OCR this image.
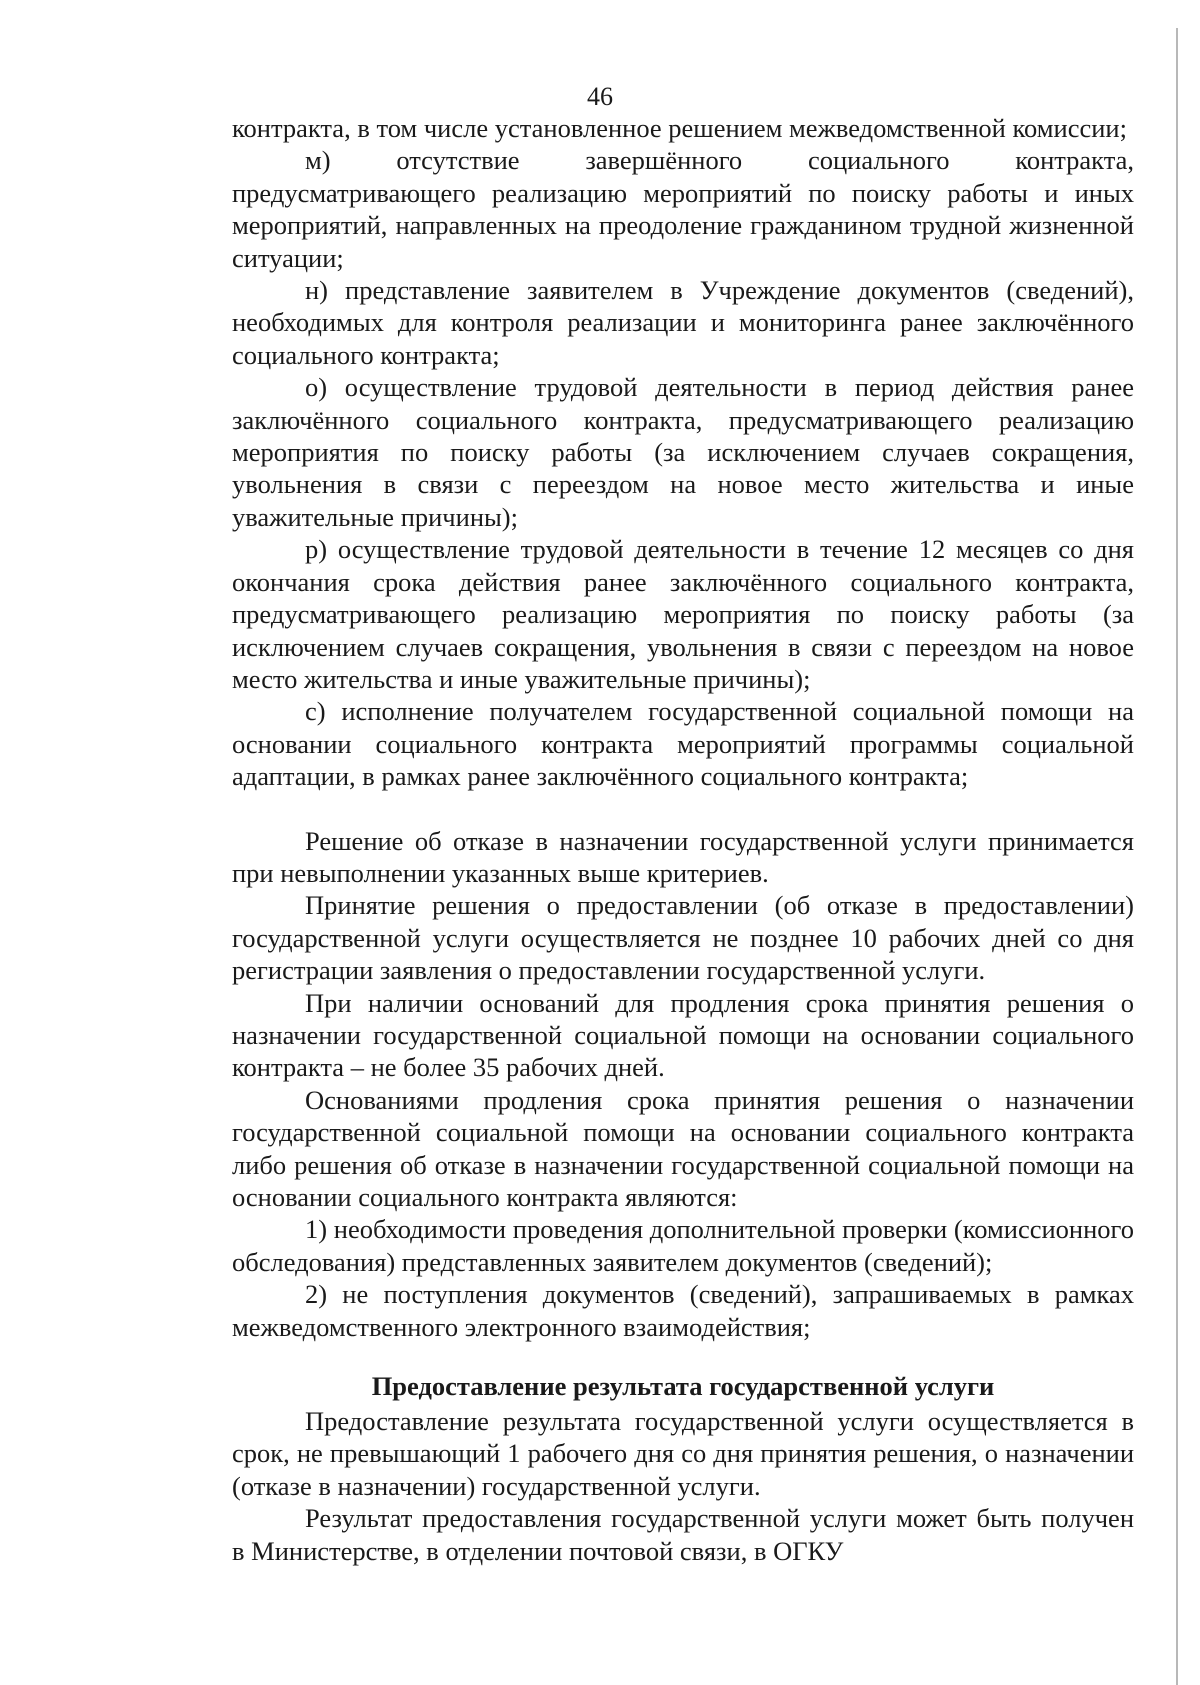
46

контракта, в том числе установленное решением межведомственной комиссии;

м) отсутствие завершённого социального контракта, предусматривающего реализацию мероприятий по поиску работы и иных мероприятий, направленных на преодоление гражданином трудной жизненной ситуации;

н) представление заявителем в Учреждение документов (сведений), необходимых для контроля реализации и мониторинга ранее заключённого социального контракта;

о) осуществление трудовой деятельности в период действия ранее заключённого социального контракта, предусматривающего реализацию мероприятия по поиску работы (за исключением случаев сокращения, увольнения в связи с переездом на новое место жительства и иные уважительные причины);

р) осуществление трудовой деятельности в течение 12 месяцев со дня окончания срока действия ранее заключённого социального контракта, предусматривающего реализацию мероприятия по поиску работы (за исключением случаев сокращения, увольнения в связи с переездом на новое место жительства и иные уважительные причины);

с) исполнение получателем государственной социальной помощи на основании социального контракта мероприятий программы социальной адаптации, в рамках ранее заключённого социального контракта;

Решение об отказе в назначении государственной услуги принимается при невыполнении указанных выше критериев.

Принятие решения о предоставлении (об отказе в предоставлении) государственной услуги осуществляется не позднее 10 рабочих дней со дня регистрации заявления о предоставлении государственной услуги.

При наличии оснований для продления срока принятия решения о назначении государственной социальной помощи на основании социального контракта – не более 35 рабочих дней.

Основаниями продления срока принятия решения о назначении государственной социальной помощи на основании социального контракта либо решения об отказе в назначении государственной социальной помощи на основании социального контракта являются:

1) необходимости проведения дополнительной проверки (комиссионного обследования) представленных заявителем документов (сведений);

2) не поступления документов (сведений), запрашиваемых в рамках межведомственного электронного взаимодействия;

Предоставление результата государственной услуги

Предоставление результата государственной услуги осуществляется в срок, не превышающий 1 рабочего дня со дня принятия решения, о назначении (отказе в назначении) государственной услуги.

Результат предоставления государственной услуги может быть получен в Министерстве, в отделении почтовой связи, в ОГКУ
